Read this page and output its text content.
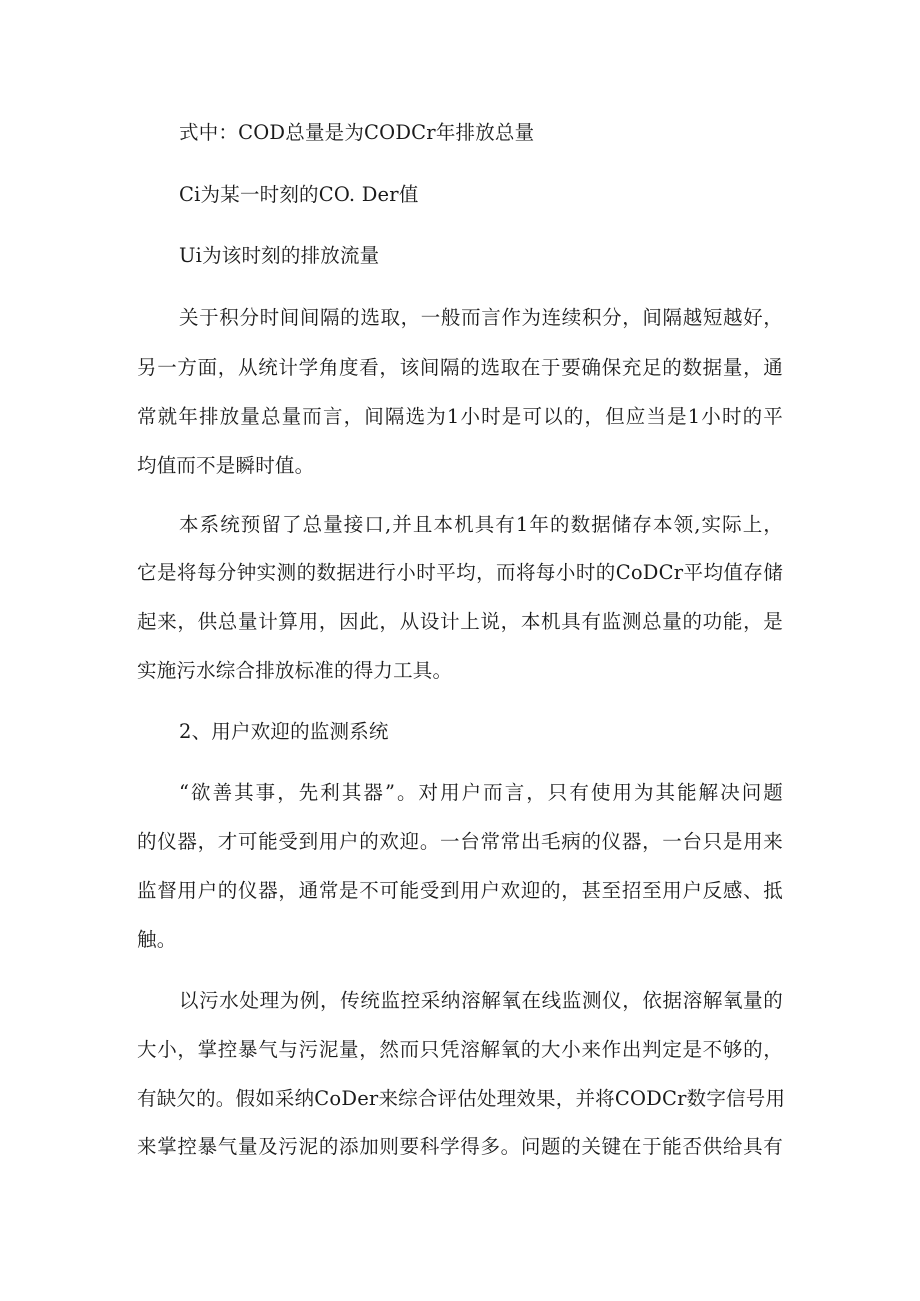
式中：COD总量是为CODCr年排放总量
Ci为某一时刻的CO. Der值
Ui为该时刻的排放流量
关于积分时间间隔的选取，一般而言作为连续积分，间隔越短越好，
另一方面，从统计学角度看，该间隔的选取在于要确保充足的数据量，通
常就年排放量总量而言，间隔选为1小时是可以的，但应当是1小时的平
均值而不是瞬时值。
本系统预留了总量接口,并且本机具有1年的数据储存本领,实际上，
它是将每分钟实测的数据进行小时平均，而将每小时的CoDCr平均值存储
起来，供总量计算用，因此，从设计上说，本机具有监测总量的功能，是
实施污水综合排放标准的得力工具。
2、用户欢迎的监测系统
“欲善其事，先利其器”。对用户而言，只有使用为其能解决问题
的仪器，才可能受到用户的欢迎。一台常常出毛病的仪器，一台只是用来
监督用户的仪器，通常是不可能受到用户欢迎的，甚至招至用户反感、抵
触。
以污水处理为例，传统监控采纳溶解氧在线监测仪，依据溶解氧量的
大小，掌控暴气与污泥量，然而只凭溶解氧的大小来作出判定是不够的，
有缺欠的。假如采纳CoDer来综合评估处理效果，并将CODCr数字信号用
来掌控暴气量及污泥的添加则要科学得多。问题的关键在于能否供给具有
